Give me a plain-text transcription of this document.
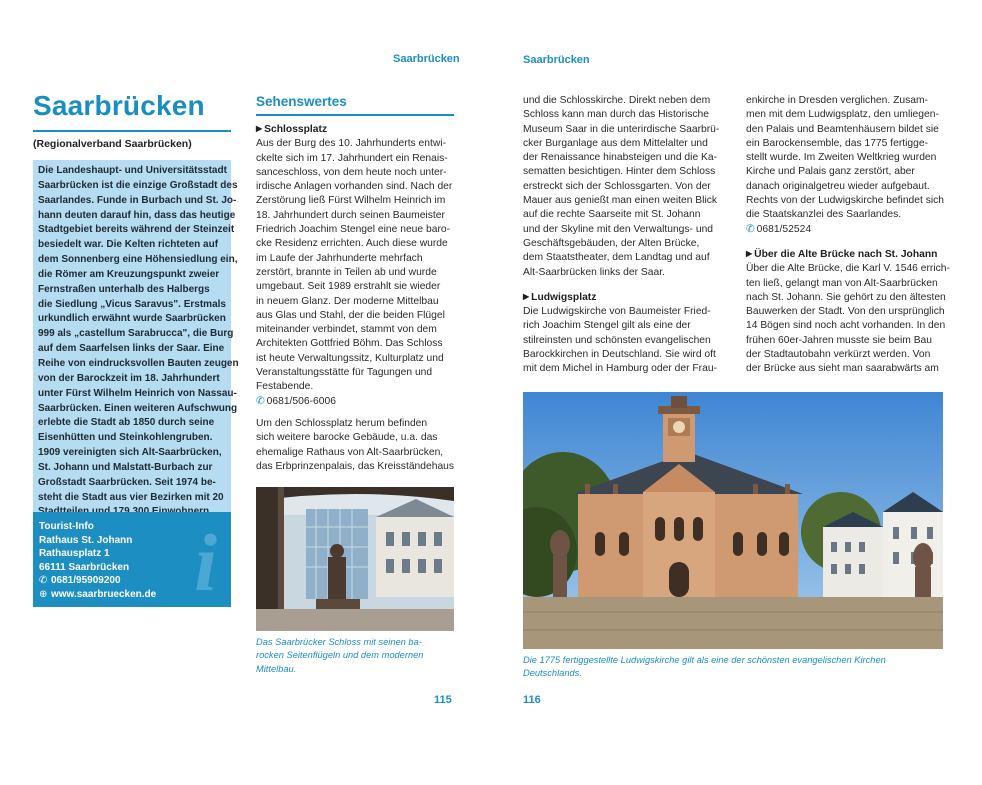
Saarbrücken	Saarbrücken
Saarbrücken
(Regionalverband Saarbrücken)
Die Landeshaupt- und Universitätsstadt
Saarbrücken ist die einzige Großstadt des
Saarlandes. Funde in Burbach und St. Jo-
hann deuten darauf hin, dass das heutige
Stadtgebiet bereits während der Steinzeit
besiedelt war. Die Kelten richteten auf
dem Sonnenberg eine Höhensiedlung ein,
die Römer am Kreuzungspunkt zweier
Fernstraßen unterhalb des Halbergs
die Siedlung „Vicus Saravus". Erstmals
urkundlich erwähnt wurde Saarbrücken
999 als „castellum Sarabrucca", die Burg
auf dem Saarfelsen links der Saar. Eine
Reihe von eindrucksvollen Bauten zeugen
von der Barockzeit im 18. Jahrhundert
unter Fürst Wilhelm Heinrich von Nassau-
Saarbrücken. Einen weiteren Aufschwung
erlebte die Stadt ab 1850 durch seine
Eisenhütten und Steinkohlengruben.
1909 vereinigten sich Alt-Saarbrücken,
St. Johann und Malstatt-Burbach zur
Großstadt Saarbrücken. Seit 1974 be-
steht die Stadt aus vier Bezirken mit 20
i
Tourist-Info
Rathaus St. Johann
Rathausplatz 1
66111 Saarbrücken
✆ 0681/95909200
⊕ www.saarbruecken.de
Sehenswertes
▶ Schlossplatz
Aus der Burg des 10. Jahrhunderts entwi-
ckelte sich im 17. Jahrhundert ein Renais-
sanceschloss, von dem heute noch unter-
irdische Anlagen vorhanden sind. Nach der
Zerstörung ließ Fürst Wilhelm Heinrich im
18. Jahrhundert durch seinen Baumeister
Friedrich Joachim Stengel eine neue baro-
cke Residenz errichten. Auch diese wurde
im Laufe der Jahrhunderte mehrfach
zerstört, brannte in Teilen ab und wurde
umgebaut. Seit 1989 erstrahlt sie wieder
in neuem Glanz. Der moderne Mittelbau
aus Glas und Stahl, der die beiden Flügel
miteinander verbindet, stammt von dem
Architekten Gottfried Böhm. Das Schloss
ist heute Verwaltungssitz, Kulturplatz und
Veranstaltungsstätte für Tagungen und
Festabende.
✆ 0681/506-6006
Um den Schlossplatz herum befinden
sich weitere barocke Gebäude, u.a. das
ehemalige Rathaus von Alt-Saarbrücken,
das Erbprinzenpalais, das Kreisständehaus
Das Saarbrücker Schloss mit seinen ba-
rocken Seitenflügeln und dem modernen
Mittelbau.
und die Schlosskirche. Direkt neben dem
Schloss kann man durch das Historische
Museum Saar in die unterirdische Saarbrü-
cker Burganlage aus dem Mittelalter und
der Renaissance hinabsteigen und die Ka-
sematten besichtigen. Hinter dem Schloss
erstreckt sich der Schlossgarten. Von der
Mauer aus genießt man einen weiten Blick
auf die rechte Saarseite mit St. Johann
und der Skyline mit den Verwaltungs- und
Geschäftsgebäuden, der Alten Brücke,
dem Staatstheater, dem Landtag und auf
Alt-Saarbrücken links der Saar.
▶ Ludwigsplatz
Die Ludwigskirche von Baumeister Fried-
rich Joachim Stengel gilt als eine der
stilreinsten und schönsten evangelischen
Barockkirchen in Deutschland. Sie wird oft
mit dem Michel in Hamburg oder der Frau-
enkirche in Dresden verglichen. Zusam-
men mit dem Ludwigsplatz, den umliegen-
den Palais und Beamtenhäusern bildet sie
ein Barockensemble, das 1775 fertigge-
stellt wurde. Im Zweiten Weltkrieg wurden
Kirche und Palais ganz zerstört, aber
danach originalgetreu wieder aufgebaut.
Rechts von der Ludwigskirche befindet sich
die Staatskanzlei des Saarlandes.
✆ 0681/52524
▶ Über die Alte Brücke nach St. Johann
Über die Alte Brücke, die Karl V. 1546 errich-
ten ließ, gelangt man von Alt-Saarbrücken
nach St. Johann. Sie gehört zu den ältesten
Bauwerken der Stadt. Von den ursprünglich
14 Bögen sind noch acht vorhanden. In den
frühen 60er-Jahren musste sie beim Bau
der Stadtautobahn verkürzt werden. Von
der Brücke aus sieht man saarabwärts am
Die 1775 fertiggestellte Ludwigskirche gilt als eine der schönsten evangelischen Kirchen
Deutschlands.
115	116
